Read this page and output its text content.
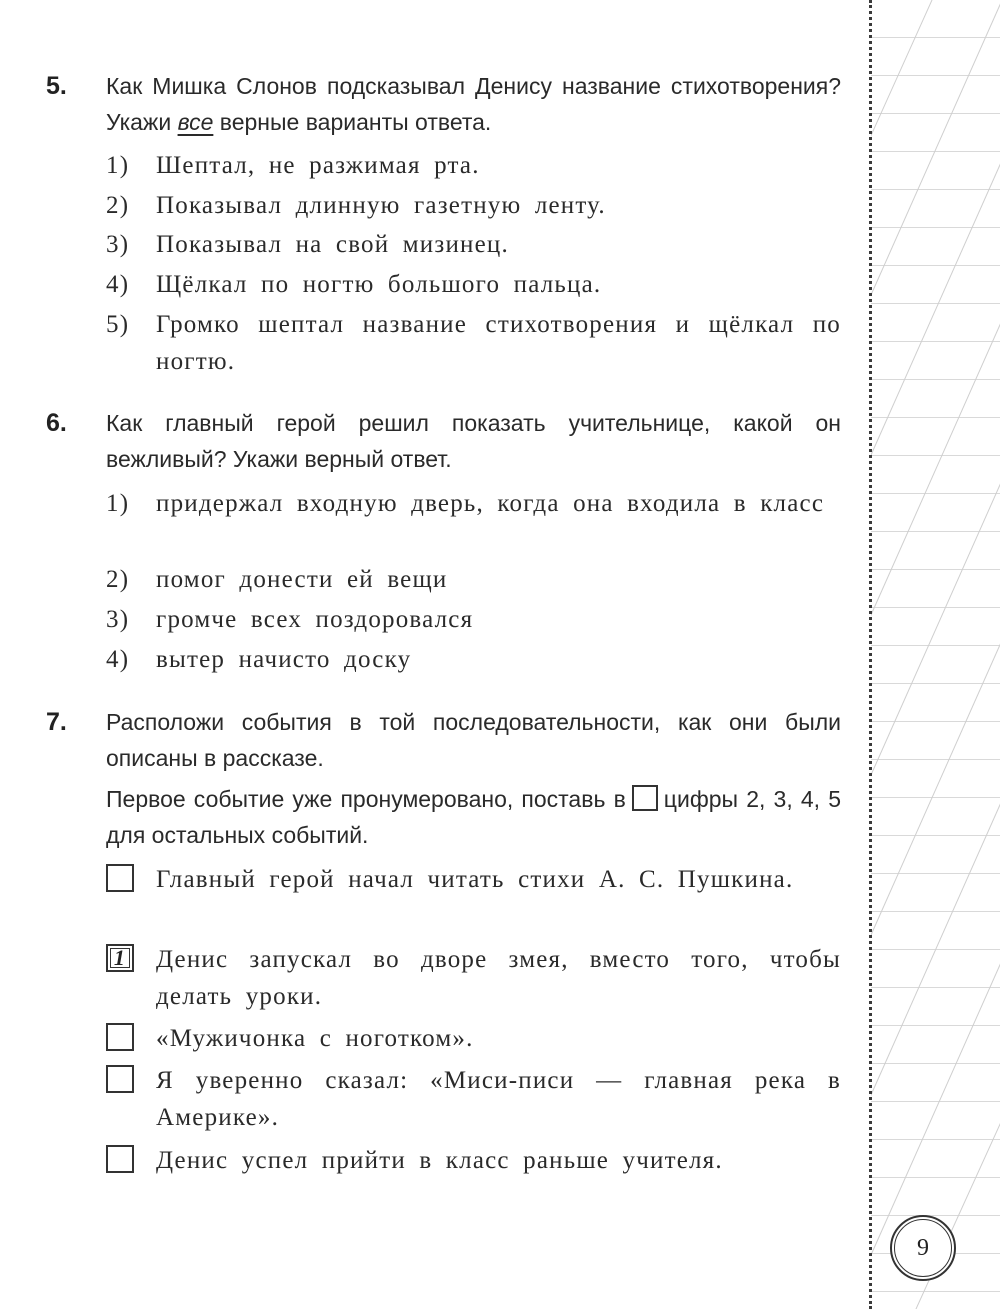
5. Как Мишка Слонов подсказывал Денису название стихотворения? Укажи все верные варианты ответа.

1)	Шептал, не разжимая рта.
2)	Показывал длинную газетную ленту.
3)	Показывал на свой мизинец.
4)	Щёлкал по ногтю большого пальца.
5)	Громко шептал название стихотворения и щёлкал по ногтю.
6. Как главный герой решил показать учительнице, какой он вежливый? Укажи верный ответ.

1)	придержал входную дверь, когда она входила в класс
2)	помог донести ей вещи
3)	громче всех поздоровался
4)	вытер начисто доску
7. Расположи события в той последовательности, как они были описаны в рассказе.

Первое событие уже пронумеровано, поставь в цифры 2, 3, 4, 5 для остальных событий.

Главный герой начал читать стихи А. С. Пушкина.
1	Денис запускал во дворе змея, вместо того, чтобы делать уроки.
«Мужичонка с ноготком».
Я уверенно сказал: «Миси-писи — главная река в Америке».
Денис успел прийти в класс раньше учителя.
9
